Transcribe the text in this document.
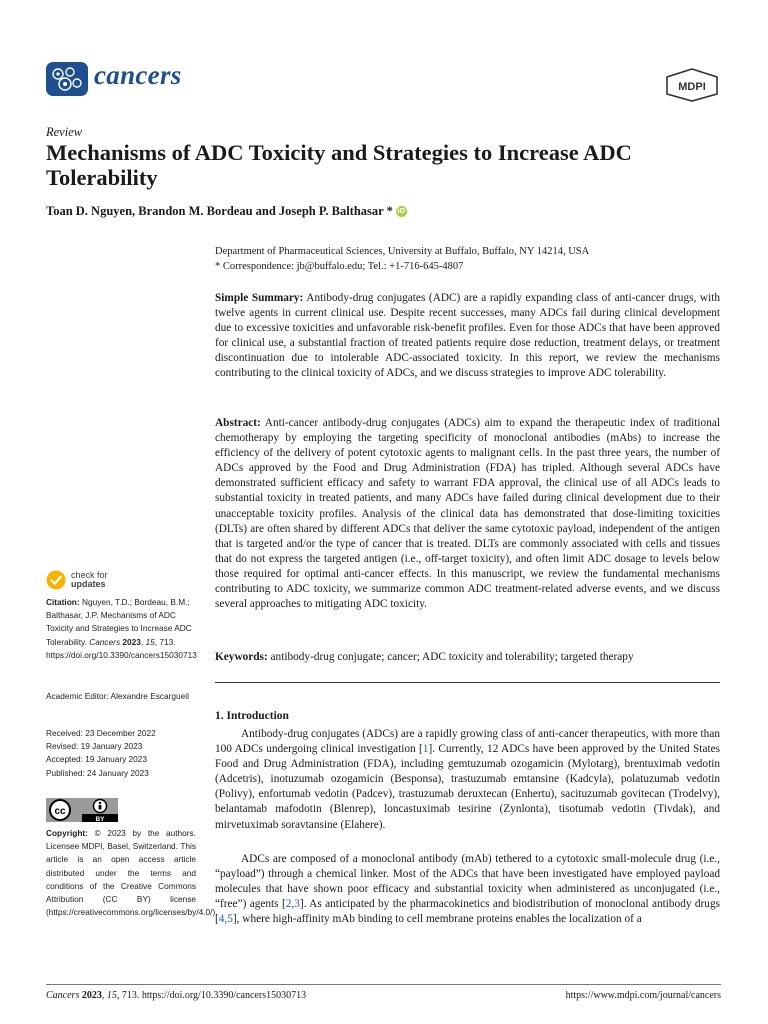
cancers	MDPI
Review
Mechanisms of ADC Toxicity and Strategies to Increase ADC Tolerability
Toan D. Nguyen, Brandon M. Bordeau and Joseph P. Balthasar * iD
Department of Pharmaceutical Sciences, University at Buffalo, Buffalo, NY 14214, USA
* Correspondence: jb@buffalo.edu; Tel.: +1-716-645-4807
Simple Summary: Antibody-drug conjugates (ADC) are a rapidly expanding class of anti-cancer drugs, with twelve agents in current clinical use. Despite recent successes, many ADCs fail during clinical development due to excessive toxicities and unfavorable risk-benefit profiles. Even for those ADCs that have been approved for clinical use, a substantial fraction of treated patients require dose reduction, treatment delays, or treatment discontinuation due to intolerable ADC-associated toxicity. In this report, we review the mechanisms contributing to the clinical toxicity of ADCs, and we discuss strategies to improve ADC tolerability.
Abstract: Anti-cancer antibody-drug conjugates (ADCs) aim to expand the therapeutic index of traditional chemotherapy by employing the targeting specificity of monoclonal antibodies (mAbs) to increase the efficiency of the delivery of potent cytotoxic agents to malignant cells. In the past three years, the number of ADCs approved by the Food and Drug Administration (FDA) has tripled. Although several ADCs have demonstrated sufficient efficacy and safety to warrant FDA approval, the clinical use of all ADCs leads to substantial toxicity in treated patients, and many ADCs have failed during clinical development due to their unacceptable toxicity profiles. Analysis of the clinical data has demonstrated that dose-limiting toxicities (DLTs) are often shared by different ADCs that deliver the same cytotoxic payload, independent of the antigen that is targeted and/or the type of cancer that is treated. DLTs are commonly associated with cells and tissues that do not express the targeted antigen (i.e., off-target toxicity), and often limit ADC dosage to levels below those required for optimal anti-cancer effects. In this manuscript, we review the fundamental mechanisms contributing to ADC toxicity, we summarize common ADC treatment-related adverse events, and we discuss several approaches to mitigating ADC toxicity.
Keywords: antibody-drug conjugate; cancer; ADC toxicity and tolerability; targeted therapy
1. Introduction
Antibody-drug conjugates (ADCs) are a rapidly growing class of anti-cancer therapeutics, with more than 100 ADCs undergoing clinical investigation [1]. Currently, 12 ADCs have been approved by the United States Food and Drug Administration (FDA), including gemtuzumab ozogamicin (Mylotarg), brentuximab vedotin (Adcetris), inotuzumab ozogamicin (Besponsa), trastuzumab emtansine (Kadcyla), polatuzumab vedotin (Polivy), enfortumab vedotin (Padcev), trastuzumab deruxtecan (Enhertu), sacituzumab govitecan (Trodelvy), belantamab mafodotin (Blenrep), loncastuximab tesirine (Zynlonta), tisotumab vedotin (Tivdak), and mirvetuximab soravtansine (Elahere).
ADCs are composed of a monoclonal antibody (mAb) tethered to a cytotoxic small-molecule drug (i.e., “payload”) through a chemical linker. Most of the ADCs that have been investigated have employed payload molecules that have shown poor efficacy and substantial toxicity when administered as unconjugated (i.e., “free”) agents [2,3]. As anticipated by the pharmacokinetics and biodistribution of monoclonal antibody drugs [4,5], where high-affinity mAb binding to cell membrane proteins enables the localization of a
check for
updates
Citation: Nguyen, T.D.; Bordeau, B.M.; Balthasar, J.P. Mechanisms of ADC Toxicity and Strategies to Increase ADC Tolerability. Cancers 2023, 15, 713. https://doi.org/10.3390/cancers15030713
Academic Editor: Alexandre Escargueil
Received: 23 December 2022
Revised: 19 January 2023
Accepted: 19 January 2023
Published: 24 January 2023
cc
BY
Copyright: © 2023 by the authors. Licensee MDPI, Basel, Switzerland. This article is an open access article distributed under the terms and conditions of the Creative Commons Attribution (CC BY) license (https://creativecommons.org/licenses/by/4.0/).
Cancers 2023, 15, 713. https://doi.org/10.3390/cancers15030713	https://www.mdpi.com/journal/cancers
